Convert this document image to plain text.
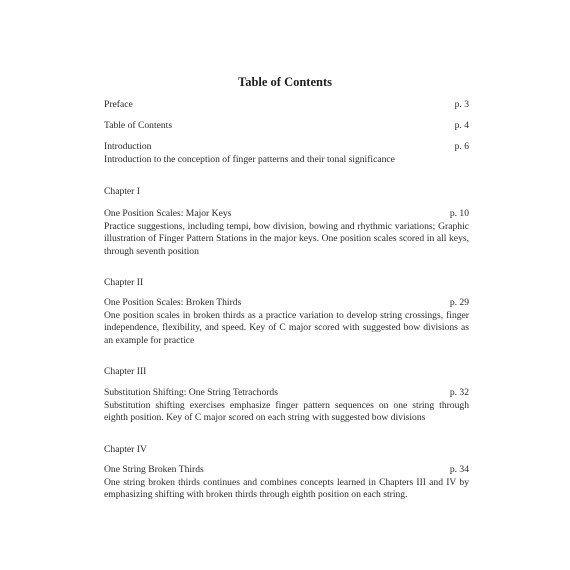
Table of Contents
Preface	p. 3
Table of Contents	p. 4
Introduction	p. 6

Introduction to the conception of finger patterns and their tonal significance

Chapter I
One Position Scales: Major Keys	p. 10

Practice suggestions, including tempi, bow division, bowing and rhythmic variations; Graphic illustration of Finger Pattern Stations in the major keys. One position scales scored in all keys, through seventh position

Chapter II
One Position Scales: Broken Thirds	p. 29

One position scales in broken thirds as a practice variation to develop string crossings, finger independence, flexibility, and speed. Key of C major scored with suggested bow divisions as an example for practice

Chapter III
Substitution Shifting: One String Tetrachords	p. 32

Substitution shifting exercises emphasize finger pattern sequences on one string through eighth position. Key of C major scored on each string with suggested bow divisions

Chapter IV
One String Broken Thirds	p. 34

One string broken thirds continues and combines concepts learned in Chapters III and IV by emphasizing shifting with broken thirds through eighth position on each string.
